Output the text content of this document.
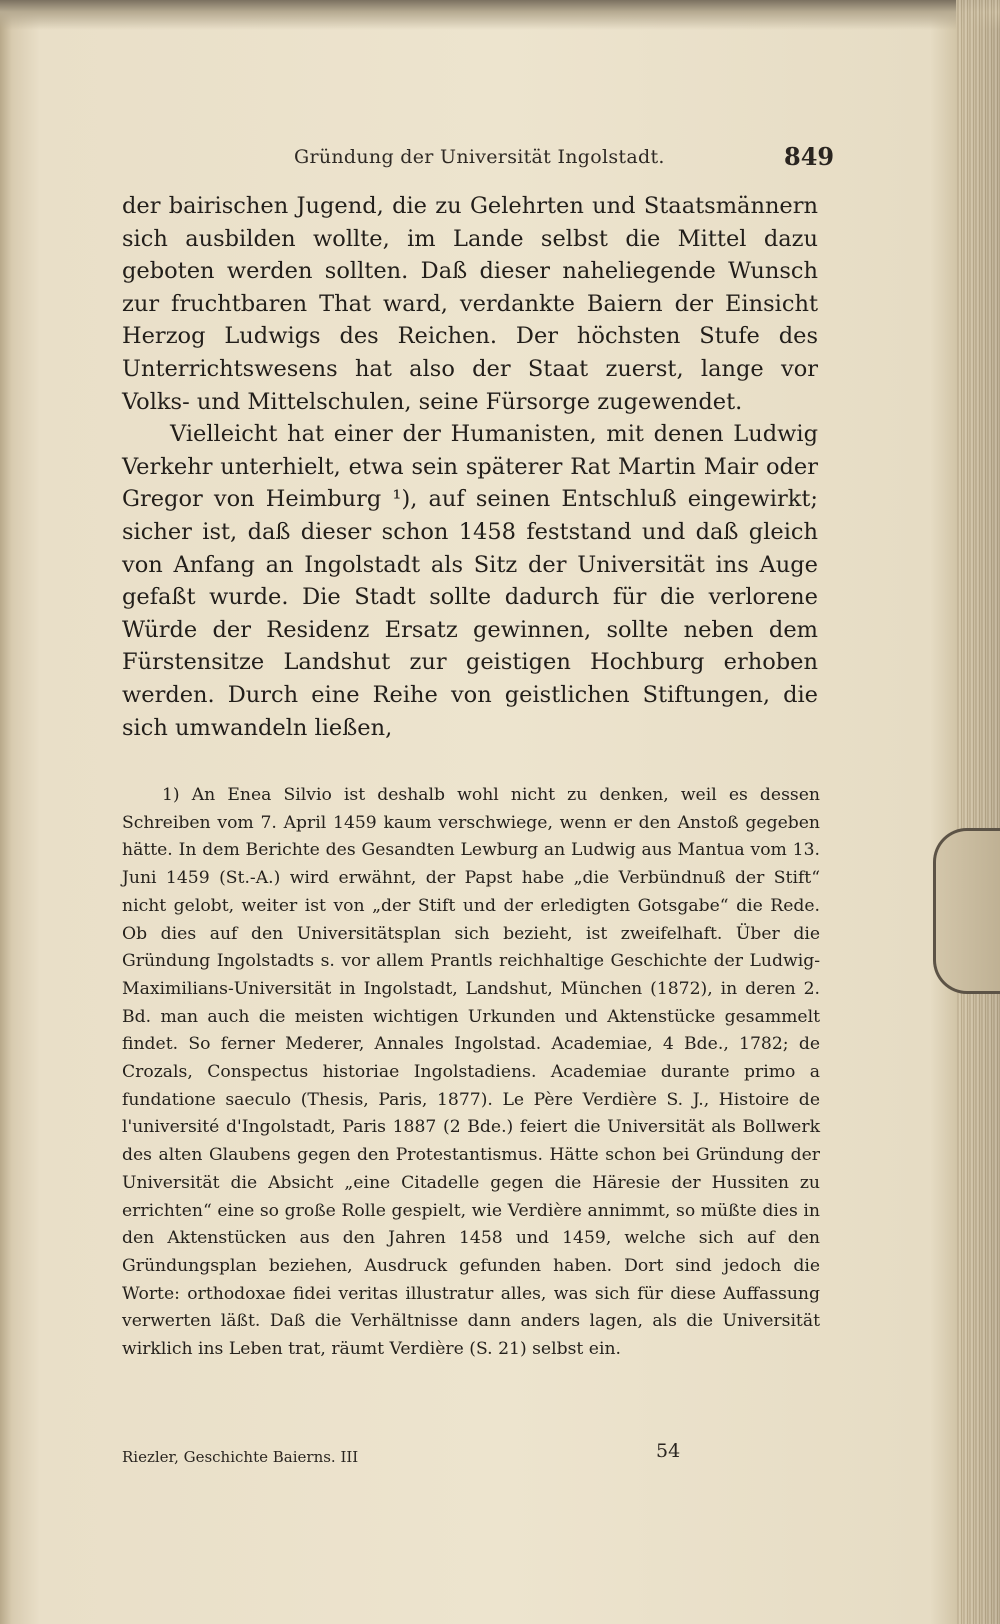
Gründung der Universität Ingolstadt.	849

der bairischen Jugend, die zu Gelehrten und Staatsmännern sich ausbilden wollte, im Lande selbst die Mittel dazu geboten werden sollten. Daß dieser naheliegende Wunsch zur fruchtbaren That ward, verdankte Baiern der Einsicht Herzog Ludwigs des Reichen. Der höchsten Stufe des Unterrichtswesens hat also der Staat zuerst, lange vor Volks- und Mittelschulen, seine Fürsorge zugewendet.

Vielleicht hat einer der Humanisten, mit denen Ludwig Verkehr unterhielt, etwa sein späterer Rat Martin Mair oder Gregor von Heimburg ¹), auf seinen Entschluß eingewirkt; sicher ist, daß dieser schon 1458 feststand und daß gleich von Anfang an Ingolstadt als Sitz der Universität ins Auge gefaßt wurde. Die Stadt sollte dadurch für die verlorene Würde der Residenz Ersatz gewinnen, sollte neben dem Fürstensitze Landshut zur geistigen Hochburg erhoben werden. Durch eine Reihe von geistlichen Stiftungen, die sich umwandeln ließen,

1) An Enea Silvio ist deshalb wohl nicht zu denken, weil es dessen Schreiben vom 7. April 1459 kaum verschwiege, wenn er den Anstoß gegeben hätte. In dem Berichte des Gesandten Lewburg an Ludwig aus Mantua vom 13. Juni 1459 (St.-A.) wird erwähnt, der Papst habe „die Verbündnuß der Stift“ nicht gelobt, weiter ist von „der Stift und der erledigten Gotsgabe“ die Rede. Ob dies auf den Universitätsplan sich bezieht, ist zweifelhaft. Über die Gründung Ingolstadts s. vor allem Prantls reichhaltige Geschichte der Ludwig-Maximilians-Universität in Ingolstadt, Landshut, München (1872), in deren 2. Bd. man auch die meisten wichtigen Urkunden und Aktenstücke gesammelt findet. So ferner Mederer, Annales Ingolstad. Academiae, 4 Bde., 1782; de Crozals, Conspectus historiae Ingolstadiens. Academiae durante primo a fundatione saeculo (Thesis, Paris, 1877). Le Père Verdière S. J., Histoire de l'université d'Ingolstadt, Paris 1887 (2 Bde.) feiert die Universität als Bollwerk des alten Glaubens gegen den Protestantismus. Hätte schon bei Gründung der Universität die Absicht „eine Citadelle gegen die Häresie der Hussiten zu errichten“ eine so große Rolle gespielt, wie Verdière annimmt, so müßte dies in den Aktenstücken aus den Jahren 1458 und 1459, welche sich auf den Gründungsplan beziehen, Ausdruck gefunden haben. Dort sind jedoch die Worte: orthodoxae fidei veritas illustratur alles, was sich für diese Auffassung verwerten läßt. Daß die Verhältnisse dann anders lagen, als die Universität wirklich ins Leben trat, räumt Verdière (S. 21) selbst ein.

Riezler, Geschichte Baierns. III	54
